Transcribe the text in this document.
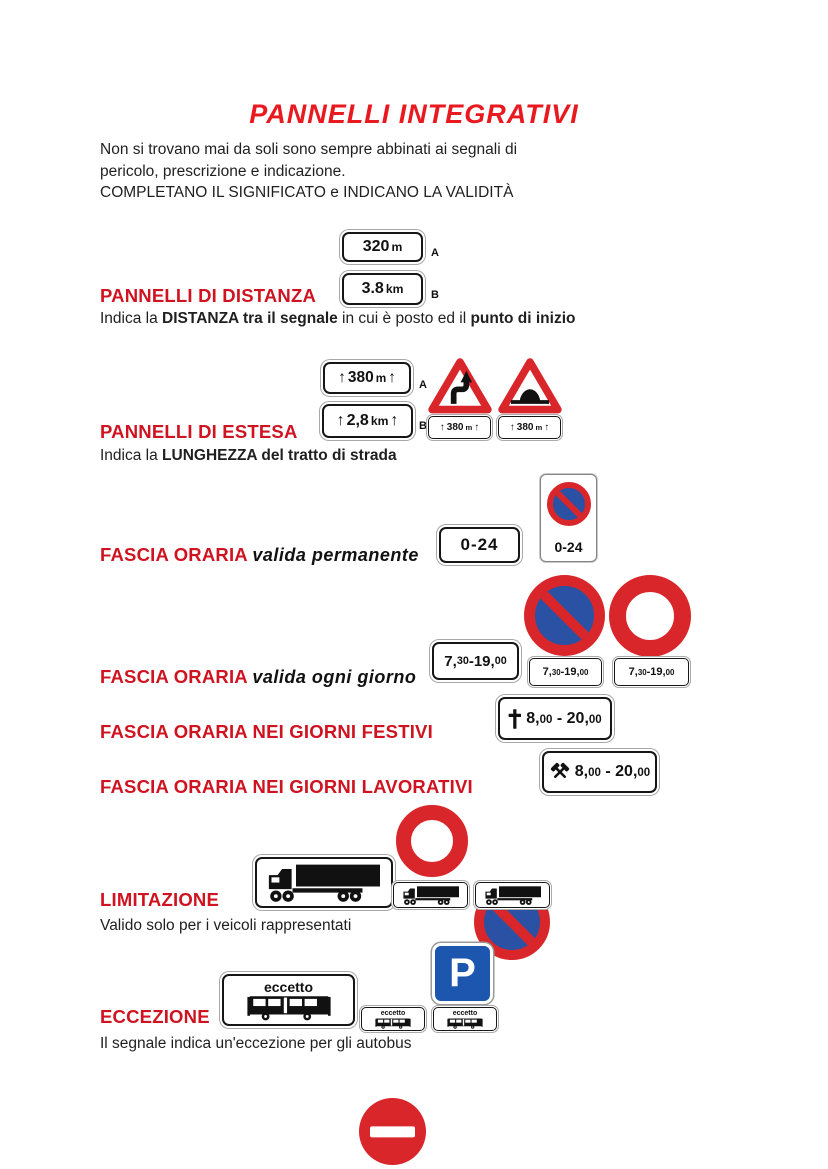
PANNELLI INTEGRATIVI
Non si trovano mai da soli sono sempre abbinati ai segnali di
pericolo, prescrizione e indicazione.
COMPLETANO IL SIGNIFICATO e INDICANO LA VALIDITÀ
320 m	A
3.8 km	B
PANNELLI DI DISTANZA
Indica la DISTANZA tra il segnale in cui è posto ed il punto di inizio
↑ 380 m ↑ A
↑ 2,8 km ↑ B ↑ 380 m ↑	↑ 380 m ↑
PANNELLI DI ESTESA
Indica la LUNGHEZZA del tratto di strada
FASCIA ORARIA valida permanente
0-24	0-24
7, 30 - 19, 00
7, 30 - 19, 00	7, 30 - 19, 00
FASCIA ORARIA valida ogni giorno
8,00 - 20,00
FASCIA ORARIA NEI GIORNI FESTIVI
8,00 - 20,00
FASCIA ORARIA NEI GIORNI LAVORATIVI
LIMITAZIONE
Valido solo per i veicoli rappresentati
eccetto	P
eccetto	eccetto
ECCEZIONE
Il segnale indica un'eccezione per gli autobus
